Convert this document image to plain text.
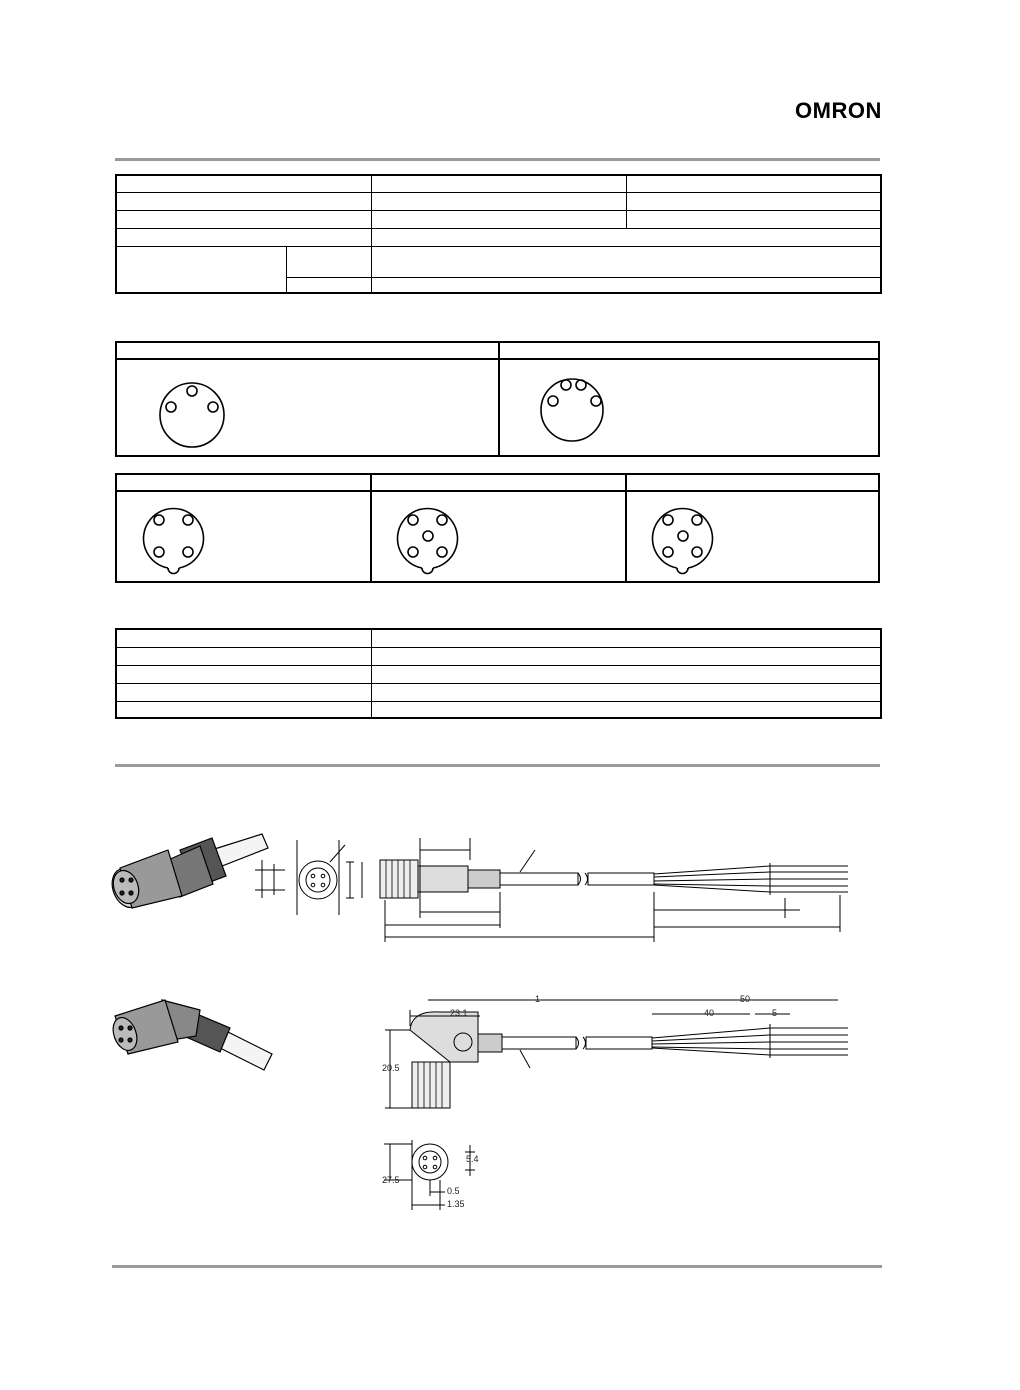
OMRON

1	50
23.1	40	5
20.5
5.4
27.5
0.5
1.35
